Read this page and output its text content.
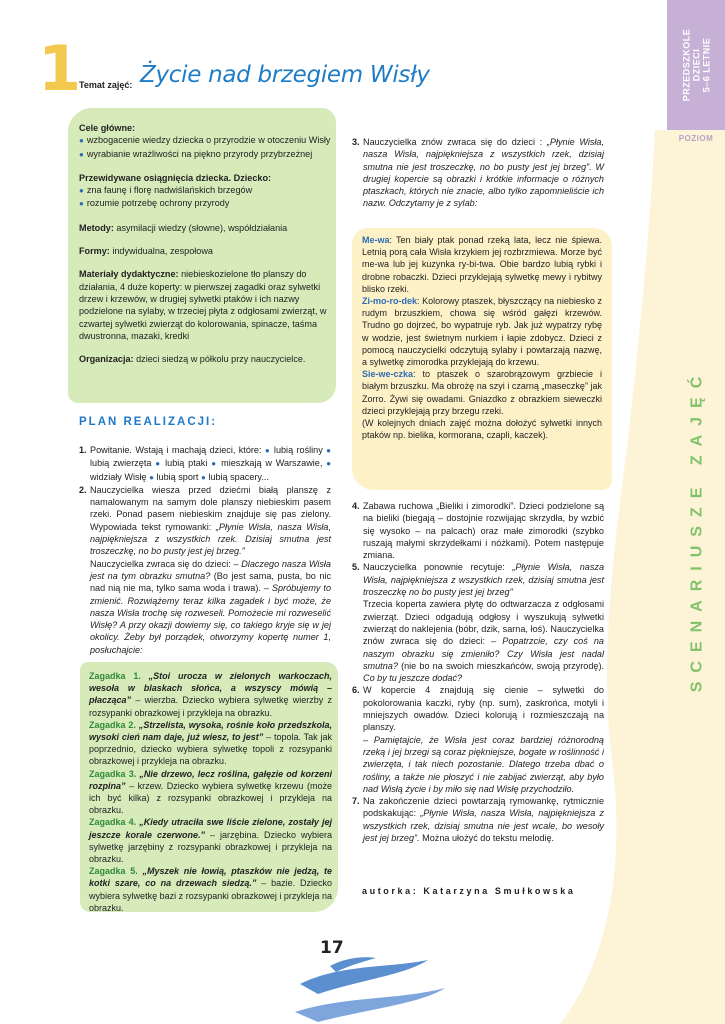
PRZEDSZKOLE DZIECI 5–6 LETNIE
POZIOM
SCENARIUSZE ZAJĘĆ
PRZEDSZKOLE 1
Temat zajęć: Życie nad brzegiem Wisły
Cele główne:
● wzbogacenie wiedzy dziecka o przyrodzie w otoczeniu Wisły
● wyrabianie wrażliwości na piękno przyrody przybrzeżnej
Przewidywane osiągnięcia dziecka. Dziecko:
● zna faunę i florę nadwiślańskich brzegów
● rozumie potrzebę ochrony przyrody
Metody: asymilacji wiedzy (słowne), współdziałania
Formy: indywidualna, zespołowa
Materiały dydaktyczne: niebieskozielone tło planszy do działania, 4 duże koperty: w pierwszej zagadki oraz sylwetki drzew i krzewów, w drugiej sylwetki ptaków i ich nazwy podzielone na sylaby, w trzeciej płyta z odgłosami zwierząt, w czwartej sylwetki zwierząt do kolorowania, spinacze, taśma dwustronna, mazaki, kredki
Organizacja: dzieci siedzą w półkolu przy nauczycielce.
PLAN REALIZACJI:
1. Powitanie. Wstają i machają dzieci, które: ● lubią rośliny ● lubią zwierzęta ● lubią ptaki ● mieszkają w Warszawie, ● widziały Wisłę ● lubią sport ● lubią spacery...
2. Nauczycielka wiesza przed dziećmi białą planszę z namalowanym na samym dole planszy niebieskim pasem rzeki. Ponad pasem niebieskim znajduje się pas zielony. Wypowiada tekst rymowanki: „Płynie Wisła, nasza Wisła, najpiękniejsza z wszystkich rzek. Dzisiaj smutna jest troszeczkę, no bo pusty jest jej brzeg.”
Nauczycielka zwraca się do dzieci: – Dlaczego nasza Wisła jest na tym obrazku smutna? (Bo jest sama, pusta, bo nic nad nią nie ma, tylko sama woda i trawa). – Spróbujemy to zmienić. Rozwiążemy teraz kilka zagadek i być może, że nasza Wisła trochę się rozweseli. Pomożecie mi rozweselić Wisłę? A przy okazji dowiemy się, co takiego kryje się w jej okolicy. Żeby był porządek, otworzymy kopertę numer 1, posłuchajcie:
Zagadka 1. „Stoi urocza w zielonych warkoczach, wesoła w blaskach słońca, a wszyscy mówią – płacząca” – wierzba. Dziecko wybiera sylwetkę wierzby z rozsypanki obrazkowej i przykleja na obrazku.
Zagadka 2. „Strzelista, wysoka, rośnie koło przedszkola, wysoki cień nam daje, już wiesz, to jest” – topola. Tak jak poprzednio, dziecko wybiera sylwetkę topoli z rozsypanki obrazkowej i przykleja na obrazku.
Zagadka 3. „Nie drzewo, lecz roślina, gałęzie od korzeni rozpina” – krzew. Dziecko wybiera sylwetkę krzewu (może ich być kilka) z rozsypanki obrazkowej i przykleja na obrazku.
Zagadka 4. „Kiedy utraciła swe liście zielone, zostały jej jeszcze korale czerwone.” – jarzębina. Dziecko wybiera sylwetkę jarzębiny z rozsypanki obrazkowej i przykleja na obrazku.
Zagadka 5. „Myszek nie łowią, ptaszków nie jedzą, te kotki szare, co na drzewach siedzą.” – bazie. Dziecko wybiera sylwetkę bazi z rozsypanki obrazkowej i przykleja na obrazku.
3. Nauczycielka znów zwraca się do dzieci : „Płynie Wisła, nasza Wisła, najpiękniejsza z wszystkich rzek, dzisiaj smutna nie jest troszeczkę, no bo pusty jest jej brzeg”. W drugiej kopercie są obrazki i krótkie informacje o różnych ptaszkach, których nie znacie, albo tylko zapomnieliście ich nazw. Odczytamy je z sylab:
Me-wa: Ten biały ptak ponad rzeką lata, lecz nie śpiewa. Letnią porą cała Wisła krzykiem jej rozbrzmiewa. Morze być me-wa lub jej kuzynka ry-bi-twa. Obie bardzo lubią rybki i drobne robaczki. Dzieci przyklejają sylwetkę mewy i rybitwy blisko rzeki.
Zi-mo-ro-dek: Kolorowy ptaszek, błyszczący na niebiesko z rudym brzuszkiem, chowa się wśród gałęzi krzewów. Trudno go dojrzeć, bo wypatruje ryb. Jak już wypatrzy rybę w wodzie, jest świetnym nurkiem i łapie zdobycz. Dzieci z pomocą nauczycielki odczytują sylaby i powtarzają nazwę, a sylwetkę zimorodka przyklejają do krzewu.
Sie-we-czka: to ptaszek o szarobrązowym grzbiecie i białym brzuszku. Ma obrożę na szyi i czarną „maseczkę” jak Zorro. Żywi się owadami. Gniazdko z obrazkiem sieweczki dzieci przyklejają przy brzegu rzeki.
(W kolejnych dniach zajęć można dołożyć sylwetki innych ptaków np. bielika, kormorana, czapli, kaczek).
4. Zabawa ruchowa „Bieliki i zimorodki”. Dzieci podzielone są na bieliki (biegają – dostojnie rozwijając skrzydła, by wzbić się wysoko – na palcach) oraz małe zimorodki (szybko ruszają małymi skrzydełkami i nóżkami). Potem następuje zmiana.
5. Nauczycielka ponownie recytuje: „Płynie Wisła, nasza Wisła, najpiękniejsza z wszystkich rzek, dzisiaj smutna jest troszeczkę no bo pusty jest jej brzeg”
Trzecia koperta zawiera płytę do odtwarzacza z odgłosami zwierząt. Dzieci odgadują odgłosy i wyszukują sylwetki zwierząt do naklejenia (bóbr, dzik, sarna, łoś). Nauczycielka znów zwraca się do dzieci: – Popatrzcie, czy coś na naszym obrazku się zmieniło? Czy Wisła jest nadal smutna? (nie bo na swoich mieszkańców, swoją przyrodę). Co by tu jeszcze dodać?
6. W kopercie 4 znajdują się cienie – sylwetki do pokolorowania kaczki, ryby (np. sum), zaskrońca, motyli i mniejszych owadów. Dzieci kolorują i rozmieszczają na planszy.
– Pamiętajcie, że Wisła jest coraz bardziej różnorodną rzeką i jej brzegi są coraz piękniejsze, bogate w roślinność i zwierzęta, i tak niech pozostanie. Dlatego trzeba dbać o rośliny, a także nie płoszyć i nie zabijać zwierząt, aby było nad Wisłą życie i by miło się nad Wisłę przychodziło.
7. Na zakończenie dzieci powtarzają rymowankę, rytmicznie podskakując: „Płynie Wisła, nasza Wisła, najpiękniejsza z wszystkich rzek, dzisiaj smutna nie jest wcale, bo wesoły jest jej brzeg”. Można ułożyć do tekstu melodię.
autorka: Katarzyna Smułkowska
17
